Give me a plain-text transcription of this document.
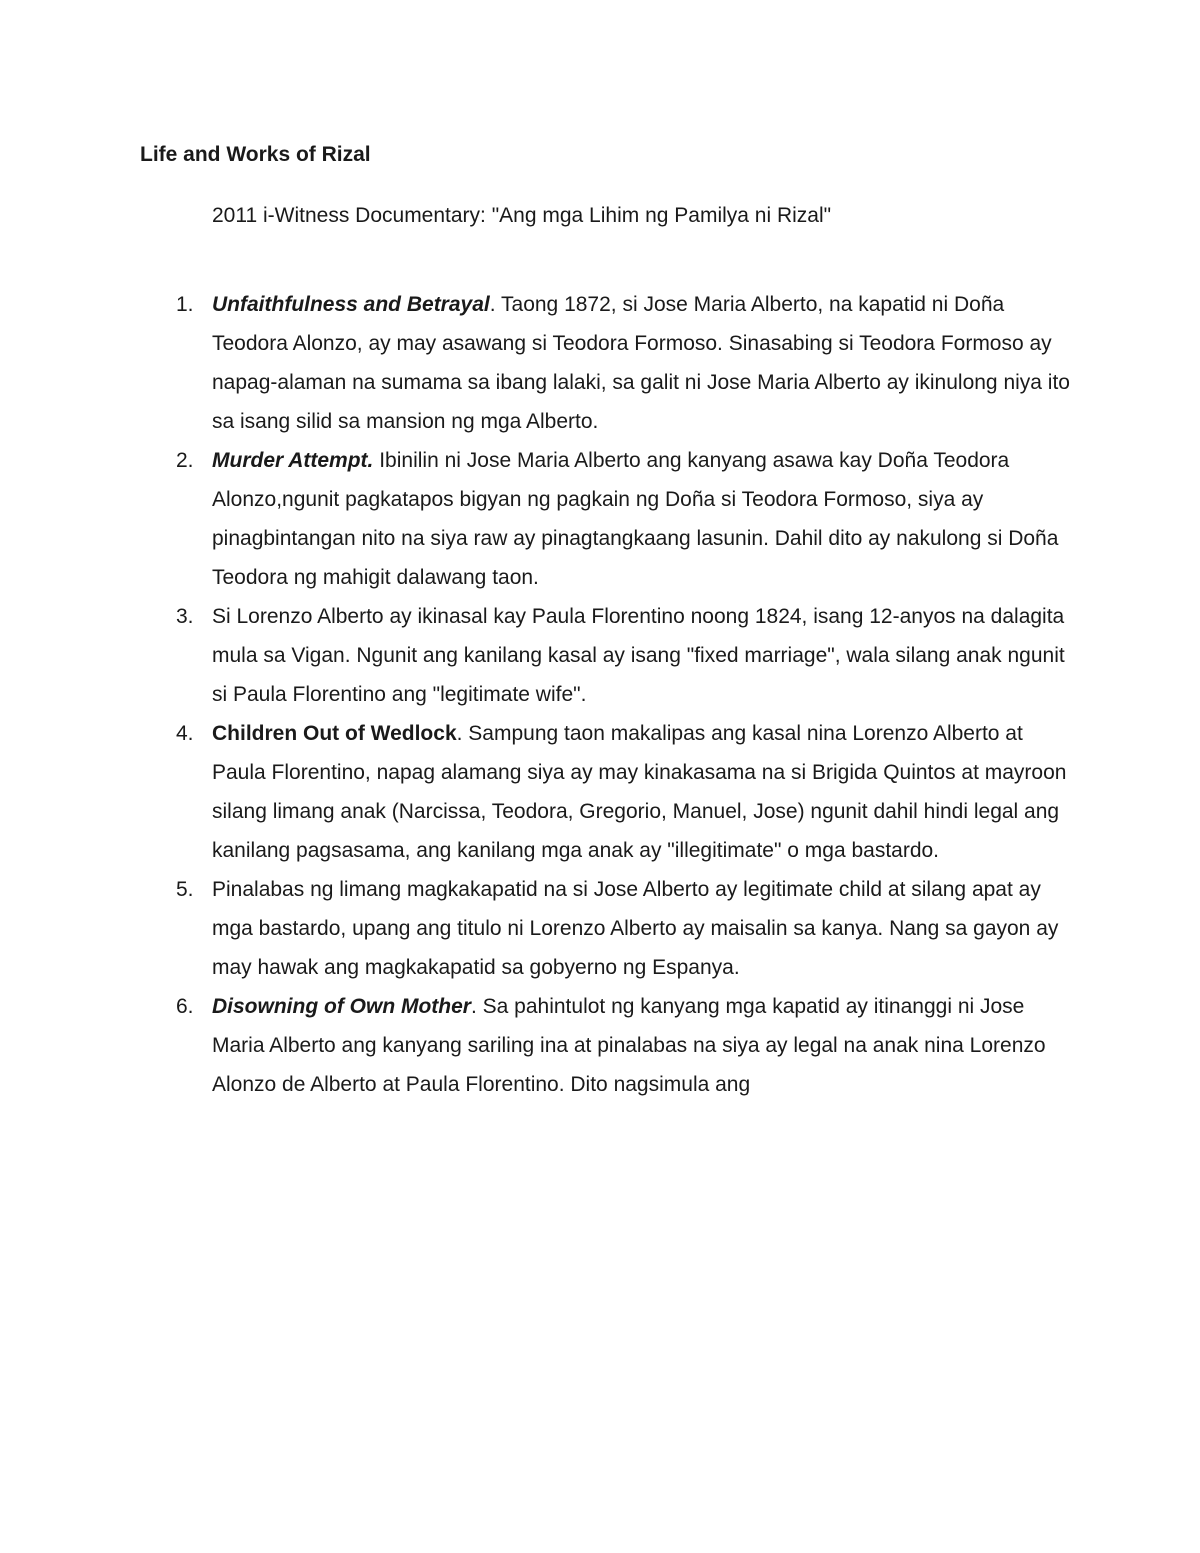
Life and Works of Rizal

2011 i-Witness Documentary: "Ang mga Lihim ng Pamilya ni Rizal"

1. Unfaithfulness and Betrayal. Taong 1872, si Jose Maria Alberto, na kapatid ni Doña Teodora Alonzo, ay may asawang si Teodora Formoso. Sinasabing si Teodora Formoso ay napag-alaman na sumama sa ibang lalaki, sa galit ni Jose Maria Alberto ay ikinulong niya ito sa isang silid sa mansion ng mga Alberto.
2. Murder Attempt. Ibinilin ni Jose Maria Alberto ang kanyang asawa kay Doña Teodora Alonzo,ngunit pagkatapos bigyan ng pagkain ng Doña si Teodora Formoso, siya ay pinagbintangan nito na siya raw ay pinagtangkaang lasunin. Dahil dito ay nakulong si Doña Teodora ng mahigit dalawang taon.
3. Si Lorenzo Alberto ay ikinasal kay Paula Florentino noong 1824, isang 12-anyos na dalagita mula sa Vigan. Ngunit ang kanilang kasal ay isang "fixed marriage", wala silang anak ngunit si Paula Florentino ang "legitimate wife".
4. Children Out of Wedlock. Sampung taon makalipas ang kasal nina Lorenzo Alberto at Paula Florentino, napag alamang siya ay may kinakasama na si Brigida Quintos at mayroon silang limang anak (Narcissa, Teodora, Gregorio, Manuel, Jose) ngunit dahil hindi legal ang kanilang pagsasama, ang kanilang mga anak ay "illegitimate" o mga bastardo.
5. Pinalabas ng limang magkakapatid na si Jose Alberto ay legitimate child at silang apat ay mga bastardo, upang ang titulo ni Lorenzo Alberto ay maisalin sa kanya. Nang sa gayon ay may hawak ang magkakapatid sa gobyerno ng Espanya.
6. Disowning of Own Mother. Sa pahintulot ng kanyang mga kapatid ay itinanggi ni Jose Maria Alberto ang kanyang sariling ina at pinalabas na siya ay legal na anak nina Lorenzo Alonzo de Alberto at Paula Florentino. Dito nagsimula ang
